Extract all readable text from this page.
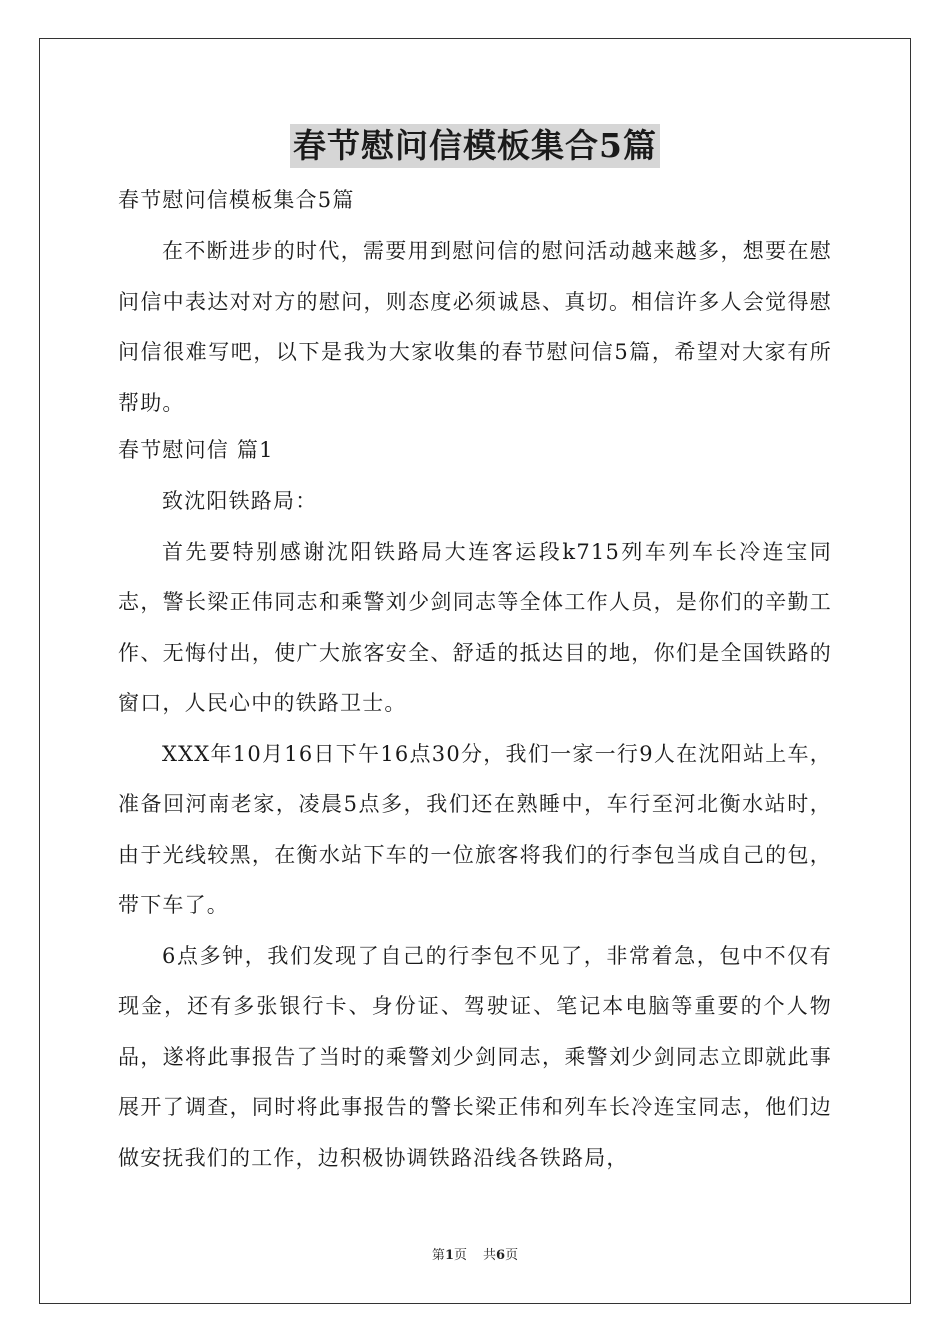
春节慰问信模板集合5篇

春节慰问信模板集合5篇

在不断进步的时代，需要用到慰问信的慰问活动越来越多，想要在慰问信中表达对对方的慰问，则态度必须诚恳、真切。相信许多人会觉得慰问信很难写吧，以下是我为大家收集的春节慰问信5篇，希望对大家有所帮助。

春节慰问信 篇1

致沈阳铁路局：

首先要特别感谢沈阳铁路局大连客运段k715列车列车长冷连宝同志，警长梁正伟同志和乘警刘少剑同志等全体工作人员，是你们的辛勤工作、无悔付出，使广大旅客安全、舒适的抵达目的地，你们是全国铁路的窗口，人民心中的铁路卫士。

XXX年10月16日下午16点30分，我们一家一行9人在沈阳站上车，准备回河南老家，凌晨5点多，我们还在熟睡中，车行至河北衡水站时，由于光线较黑，在衡水站下车的一位旅客将我们的行李包当成自己的包，带下车了。

6点多钟，我们发现了自己的行李包不见了，非常着急，包中不仅有现金，还有多张银行卡、身份证、驾驶证、笔记本电脑等重要的个人物品，遂将此事报告了当时的乘警刘少剑同志，乘警刘少剑同志立即就此事展开了调查，同时将此事报告的警长梁正伟和列车长冷连宝同志，他们边做安抚我们的工作，边积极协调铁路沿线各铁路局，

第1页 共6页
